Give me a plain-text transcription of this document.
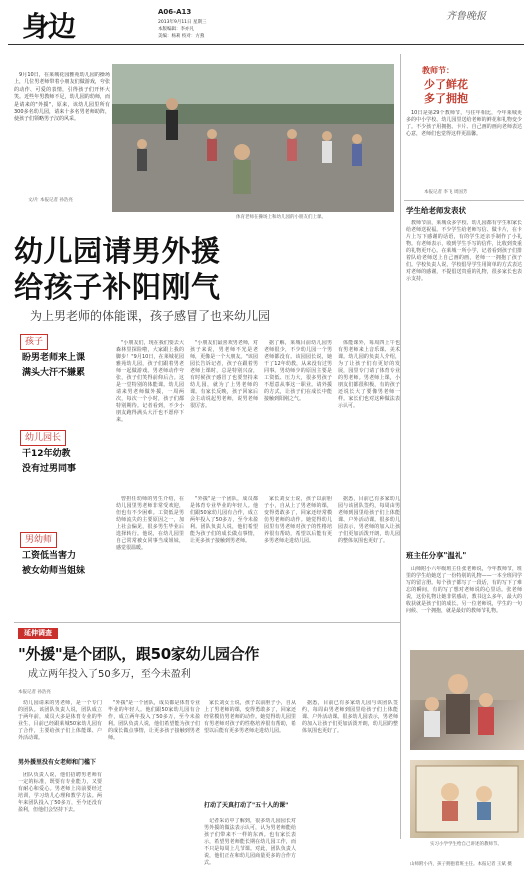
身边	A06-A13
2013年9月11日 星期三
本版编辑：李亦凡
美编：杨莉 校对：方燕
齐鲁晚报

9月10日，在莱城花园雅苑幼儿园的操场上，几位男老师带着小朋友们做游戏，夸张的动作、可爱的表情，引得孩子们开怀大笑。近些年男教师不足，幼儿园的幼师，而是请来的"外援"，原来，该幼儿园里所有300多名幼儿园，请来十多名男老师助阵，使孩子们领略男子汉的风采。

文/片 本报记者 孙浩亮
体育老师在操场上和幼儿园的小朋友们上课。
教师节：
少了鲜花
多了拥抱

10日是第29个教师节，与往年相比，今年莱城更多的中小学校、幼儿园里送给老师的鲜花和礼物变少了。不少孩子用拥抱、卡片、自己画的画向老师表达心意，老师们也觉得这样更温馨。

本报记者 李飞 周国芳
学生给老师发表状

教师节前，莱城众多学校、幼儿园都有学生和家长给老师送祝福。不少学生给老师写信、做卡片，在卡片上写下感谢的话语，有的学生还亲手制作了小礼物。有老师表示，收到学生手写的信件，比收到贵重的礼物更开心。在莱城一所小学，记者看到孩子们排着队给老师送上自己画的画，老师一一拥抱了孩子们。学校负责人说，学校倡导学生用简单的方式表达对老师的感谢，不提倡送贵重的礼物，很多家长也表示支持。

班主任分享"温礼"

山师附小六年级班主任张老师说，今年教师节，班里的学生给她送了一份特别的礼物——一本全班同学写的留言册。每个孩子都写了一段话，有的写下了难忘的瞬间，有的写了想对老师说的心里话。张老师说，这份礼物让她非常感动，教书这么多年，最大的收获就是孩子们的成长。另一位老师说，学生的一句问候、一个拥抱，就是最好的教师节礼物。

实习小学学生给自己讲述的教师节。
幼儿园请男外援
给孩子补阳刚气
为上男老师的体能课，孩子感冒了也来幼儿园
孩子
盼男老师来上课
满头大汗不嫌累
幼儿园长
干12年幼教
没有过男同事
男幼师
工资低当害力
被女幼师当姐妹

"小朋友们，现在我们要去大森林里探险啦，大家跟上我的脚步！"9月10日，在莱城花园雅苑幼儿园，孩子们跟着男老师一起做游戏。男老师动作夸张，孩子们笑得前仰后合。这是一堂特别的体能课。幼儿园请来男老师做外援，一周两次，每次一个小时，孩子们都特别期待。记者看到，不少小朋友跑得满头大汗也不愿停下来。

"小朋友们最喜欢男老师，对孩子来说，男老师不光是老师，更像是一个大朋友。"该园园长告诉记者，孩子在跟着男老师上课时，总是特别兴奋，有时候孩子感冒了也要坚持来幼儿园，就为了上男老师的课。有家长反映，孩子回家后会主动说起男老师，说男老师很厉害。

据了解，莱城目前幼儿园男老师很少，不少幼儿园一个男老师都没有。该园园长说，她干了12年幼教，从来没有过男同事。男幼师少的原因主要是工资低、压力大，很多男孩子不愿意从事这一职业。请外援的方式，让孩子们在成长中能接触到阳刚之气。

体能课外，每周四上午也有男老师来上音乐课、美术课。幼儿园的负责人介绍，为了让孩子们有更好的发展，园里专门请了体育专业的男老师。男老师上课，小朋友们都很积极，有的孩子还说长大了要像男老师一样。家长们也对这种做法表示认可。

曾担任幼师的男生介绍，在幼儿园里男老师非常受欢迎，但也有不少困难。工资低是男幼师流失的主要原因之一，加上社会偏见，很多男生毕业后选择转行。他说，在幼儿园里自己常常被女同事当成姐妹，感觉很温暖。

"外援"是一个团队，成员都是体育专业毕业的年轻人。他们跟50家幼儿园有合作，成立两年投入了50多万，至今未盈利。团队负责人说，他们希望能为孩子们的成长做点事情，让更多孩子接触到男老师。

家长刘女士说，孩子以前胆子小，自从上了男老师的课，变得勇敢多了，回家还经常模仿男老师的动作。她觉得幼儿园里有男老师对孩子的性格培养很有帮助，希望以后能有更多男老师走进幼儿园。

据悉，目前已有多家幼儿园与该团队签约，每周由男老师到园里给孩子们上体能课、户外活动课。很多幼儿园表示，男老师的加入让孩子们更加活泼开朗，幼儿园的整体氛围也更好了。

延伸调查
"外援"是个团队，跟50家幼儿园合作
成立两年投入了50多万，至今未盈利
本报记者 孙浩亮

幼儿园请来的男老师，是一个专门的团队。该团队负责人说，团队成立于两年前，成员大多是体育专业的毕业生，目前已经跟莱城50家幼儿园有了合作，主要给孩子们上体能课、户外活动课。

男外援里没有女老师和门槛下

团队负责人说，他们招聘男老师有一定的标准，既要有专业能力，又要有耐心和爱心。男老师上岗前要经过培训，学习幼儿心理和教学方法。两年来团队投入了50多万，至今还没有盈利，但他们会坚持下去。

"外援"是一个团队，成员都是体育专业毕业的年轻人。他们跟50家幼儿园有合作，成立两年投入了50多万，至今未盈利。团队负责人说，他们希望能为孩子们的成长做点事情，让更多孩子接触到男老师。

打动了天真打动了"五十人的课"

家长刘女士说，孩子以前胆子小，自从上了男老师的课，变得勇敢多了，回家还经常模仿男老师的动作。她觉得幼儿园里有男老师对孩子的性格培养很有帮助，希望以后能有更多男老师走进幼儿园。

记者采访中了解到，很多幼儿园园长对男外援的做法表示认可，认为男老师能给孩子们带来不一样的东西。也有家长表示，希望男老师能长期在幼儿园工作，而不只是每周上几节课。对此，团队负责人说，他们正在和幼儿园商量更多的合作方式。

据悉，目前已有多家幼儿园与该团队签约，每周由男老师到园里给孩子们上体能课、户外活动课。很多幼儿园表示，男老师的加入让孩子们更加活泼开朗，幼儿园的整体氛围也更好了。

山师附小内，孩子拥抱着班主任。本报记者 王斌 摄
